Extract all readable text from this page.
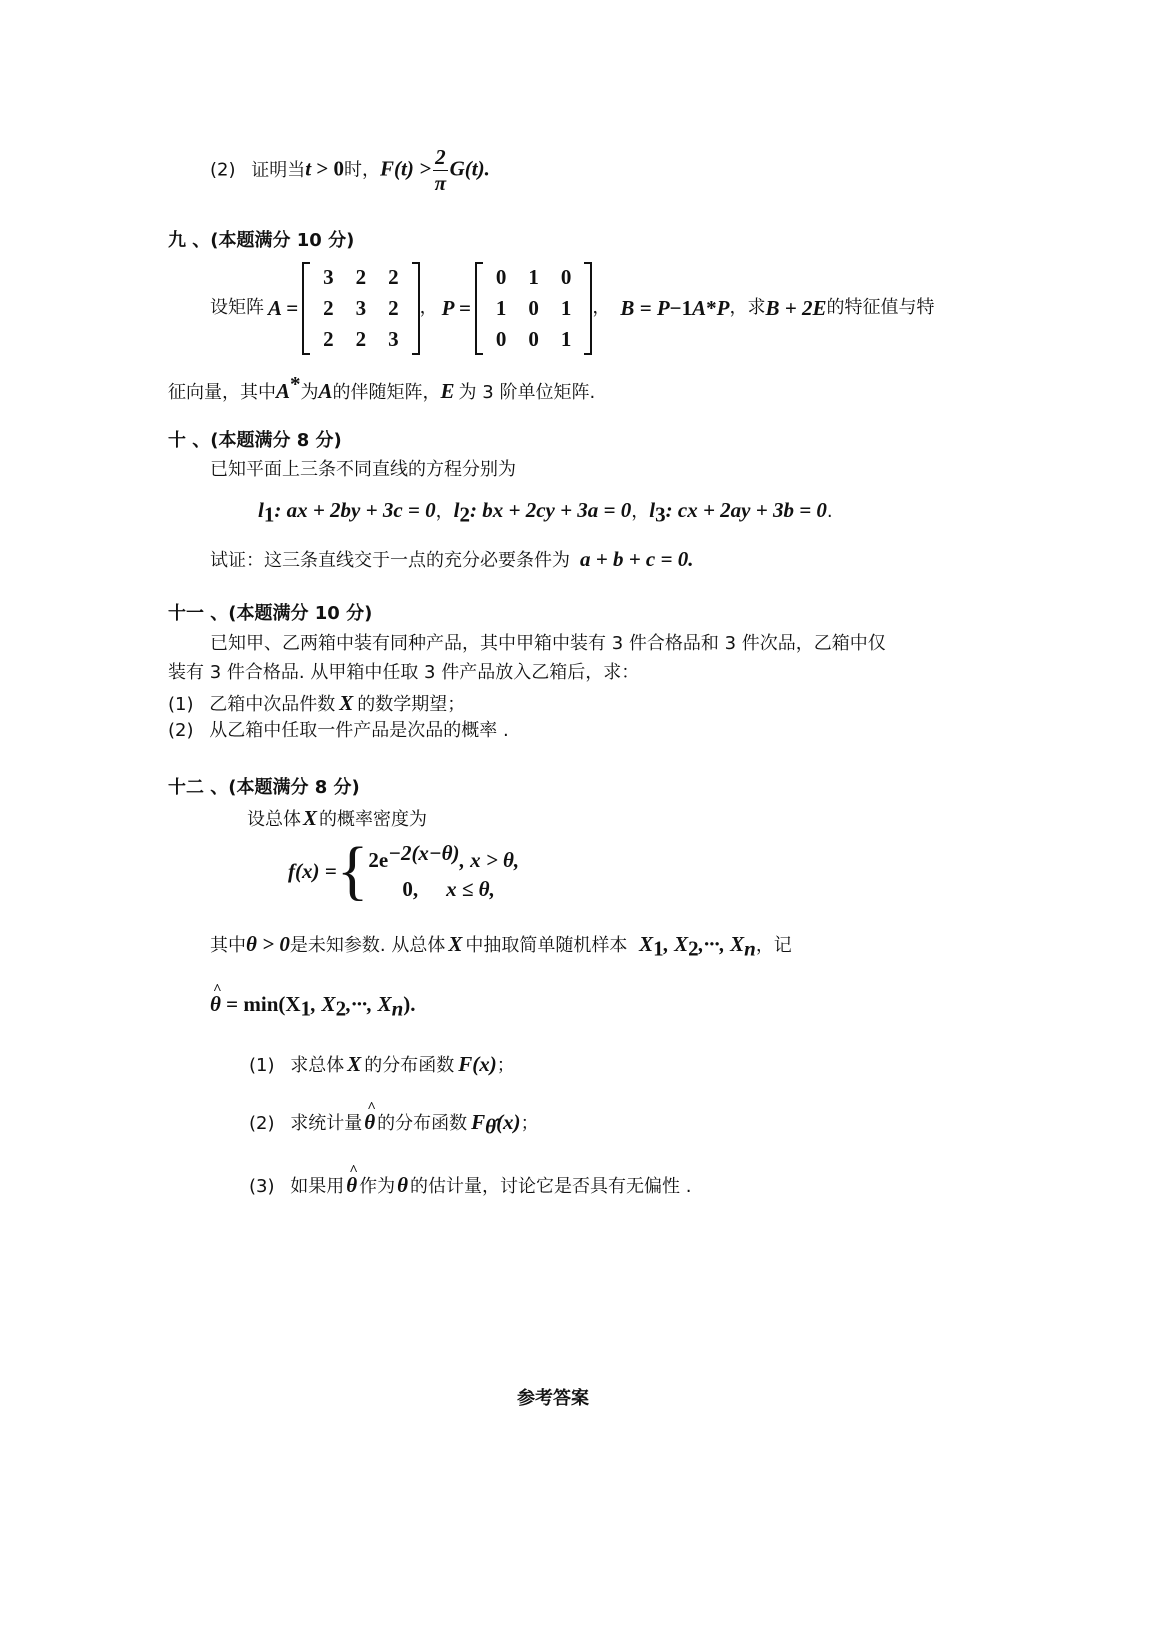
(2) 证明当t > 0时，$F(t) > \frac{2}{\pi} G(t)$.
九 、(本题满分 10 分)
设矩阵 A =
3	2	2
2	3	2
2	2	3
， P =
0	1	0
1	0	1
0	0	1
， B = P −1 A * P ，求 B + 2E 的特征值与特
征向量，其中A*为A的伴随矩阵，E 为 3 阶单位矩阵.
十 、(本题满分 8 分)
已知平面上三条不同直线的方程分别为
$l_1$: ax + 2by + 3c = 0，$l_2$: bx + 2cy + 3a = 0，$l_3$: cx + 2ay + 3b = 0.
试证：这三条直线交于一点的充分必要条件为 a + b + c = 0.
十一 、(本题满分 10 分)
已知甲、乙两箱中装有同种产品，其中甲箱中装有 3 件合格品和 3 件次品，乙箱中仅
装有 3 件合格品. 从甲箱中任取 3 件产品放入乙箱后，求：
(1) 乙箱中次品件数 X 的数学期望；
(2) 从乙箱中任取一件产品是次品的概率 .
十二 、(本题满分 8 分)
设总体X 的概率密度为
f(x) = { $2e^{-2(x-\theta)}$, x > θ,
0, x ≤ θ,
其中θ > 0是未知参数. 从总体 X 中抽取简单随机样本 $X_1$, $X_2,\cdot\cdot\cdot$, $X_n$，记
^ $\theta = \min(X_1$, $X_2,\cdot\cdot\cdot$, $X_n$).
(1) 求总体 X 的分布函数 F(x)；
(2) 求统计量^ θ 的分布函数 $F_{\thetâ}(x)$；
(3) 如果用^ θ 作为θ 的估计量，讨论它是否具有无偏性 .
参考答案
